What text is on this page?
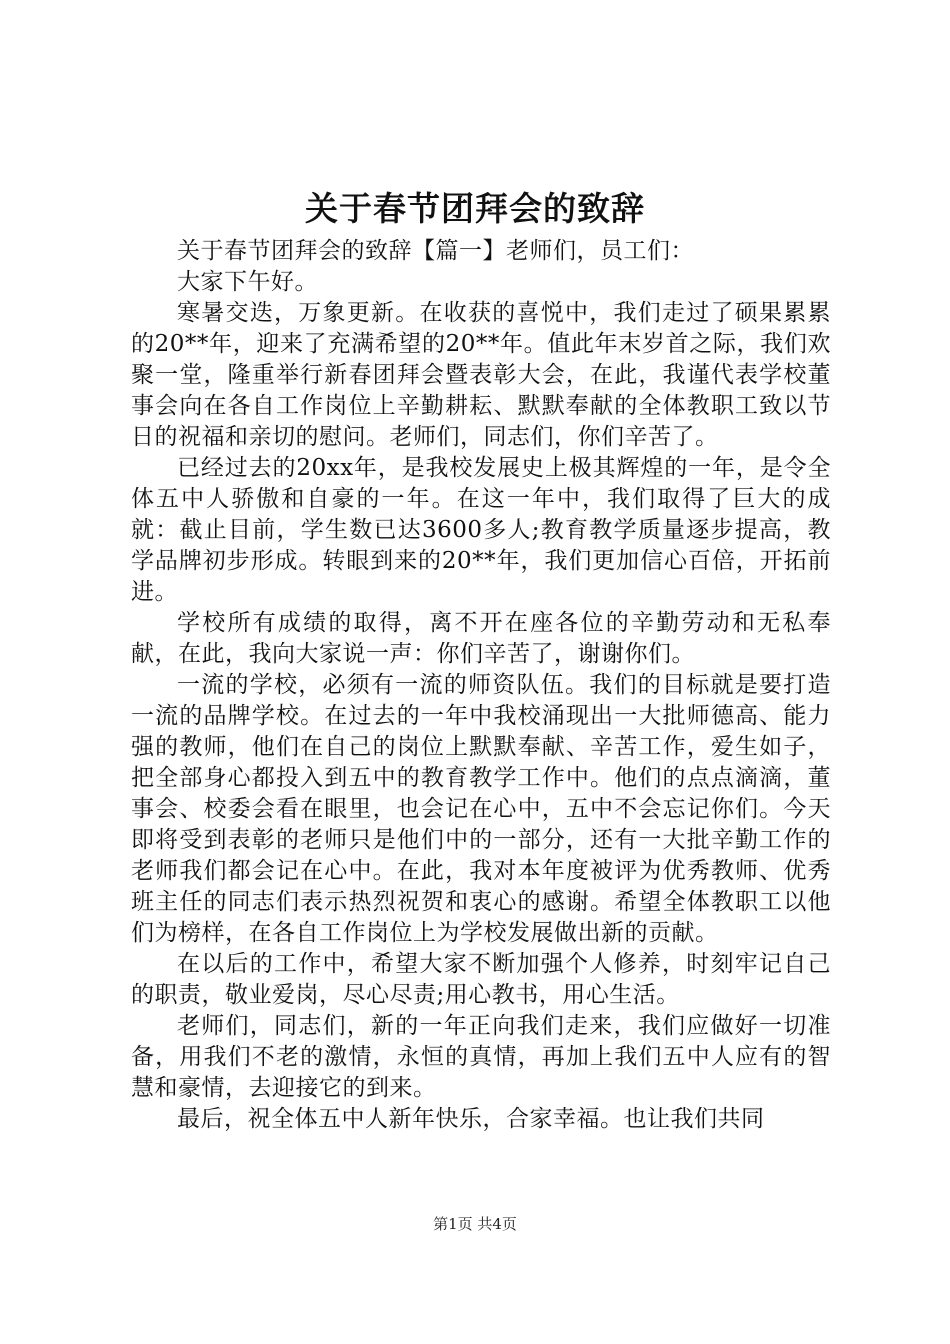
关于春节团拜会的致辞

关于春节团拜会的致辞【篇一】老师们，员工们：

大家下午好。

寒暑交迭，万象更新。在收获的喜悦中，我们走过了硕果累累的20**年，迎来了充满希望的20**年。值此年末岁首之际，我们欢聚一堂，隆重举行新春团拜会暨表彰大会，在此，我谨代表学校董事会向在各自工作岗位上辛勤耕耘、默默奉献的全体教职工致以节日的祝福和亲切的慰问。老师们，同志们，你们辛苦了。

已经过去的20xx年，是我校发展史上极其辉煌的一年，是令全体五中人骄傲和自豪的一年。在这一年中，我们取得了巨大的成就：截止目前，学生数已达3600多人;教育教学质量逐步提高，教学品牌初步形成。转眼到来的20**年，我们更加信心百倍，开拓前进。

学校所有成绩的取得，离不开在座各位的辛勤劳动和无私奉献，在此，我向大家说一声：你们辛苦了，谢谢你们。

一流的学校，必须有一流的师资队伍。我们的目标就是要打造一流的品牌学校。在过去的一年中我校涌现出一大批师德高、能力强的教师，他们在自己的岗位上默默奉献、辛苦工作，爱生如子，把全部身心都投入到五中的教育教学工作中。他们的点点滴滴，董事会、校委会看在眼里，也会记在心中，五中不会忘记你们。今天即将受到表彰的老师只是他们中的一部分，还有一大批辛勤工作的老师我们都会记在心中。在此，我对本年度被评为优秀教师、优秀班主任的同志们表示热烈祝贺和衷心的感谢。希望全体教职工以他们为榜样，在各自工作岗位上为学校发展做出新的贡献。

在以后的工作中，希望大家不断加强个人修养，时刻牢记自己的职责，敬业爱岗，尽心尽责;用心教书，用心生活。

老师们，同志们，新的一年正向我们走来，我们应做好一切准备，用我们不老的激情，永恒的真情，再加上我们五中人应有的智慧和豪情，去迎接它的到来。

最后，祝全体五中人新年快乐，合家幸福。也让我们共同

第1页 共4页
